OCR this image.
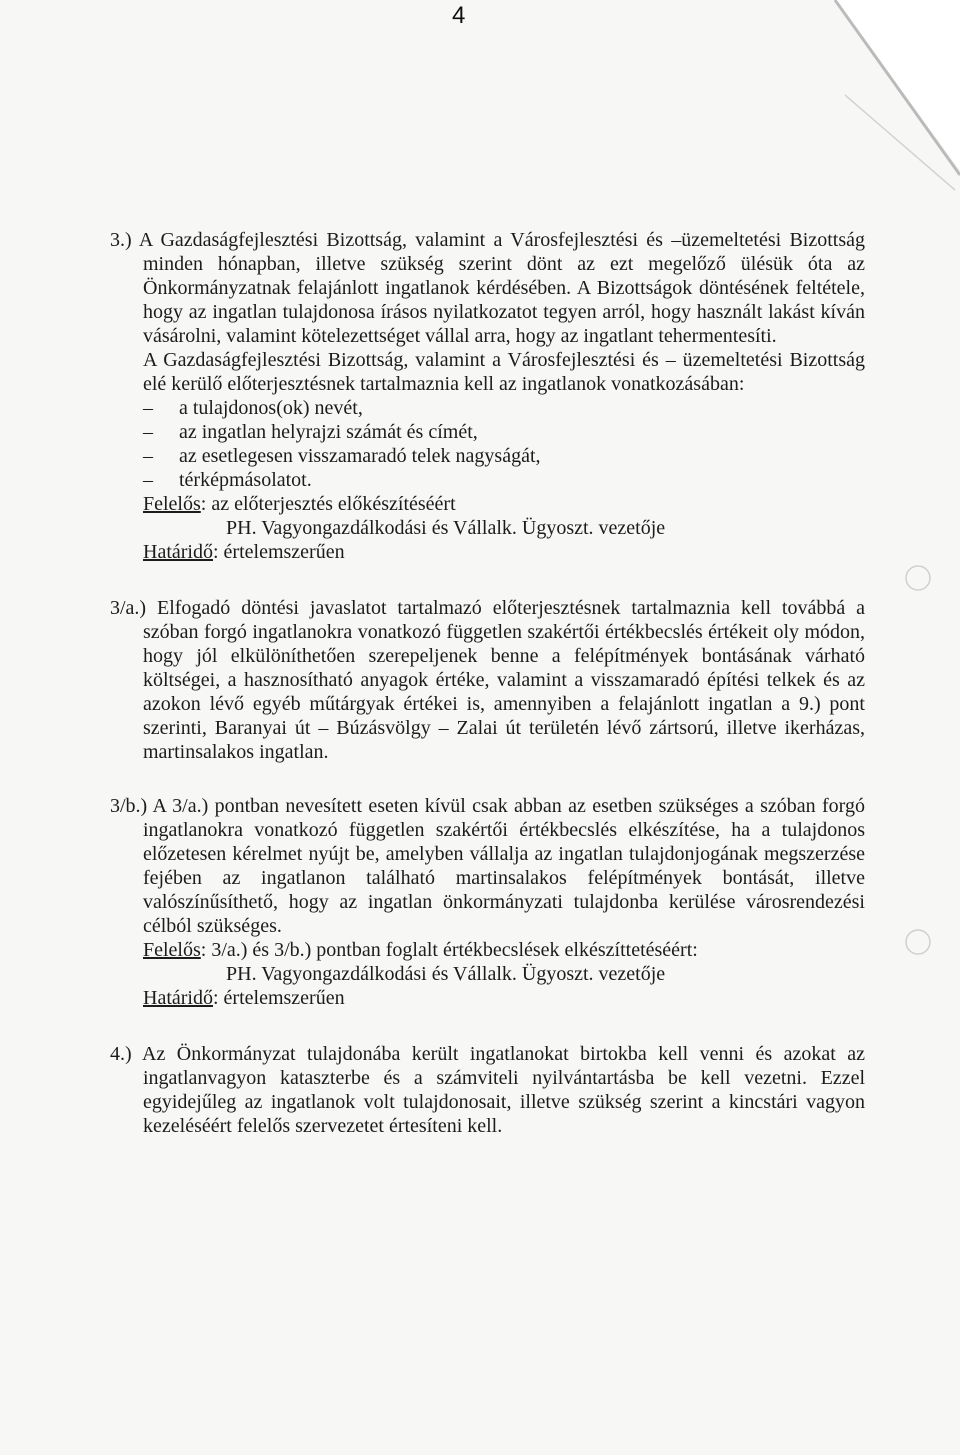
4

3.) A Gazdaságfejlesztési Bizottság, valamint a Városfejlesztési és –üzemeltetési Bizottság minden hónapban, illetve szükség szerint dönt az ezt megelőző ülésük óta az Önkormányzatnak felajánlott ingatlanok kérdésében. A Bizottságok döntésének feltétele, hogy az ingatlan tulajdonosa írásos nyilatkozatot tegyen arról, hogy használt lakást kíván vásárolni, valamint kötelezettséget vállal arra, hogy az ingatlant tehermentesíti.

A Gazdaságfejlesztési Bizottság, valamint a Városfejlesztési és – üzemeltetési Bizottság elé kerülő előterjesztésnek tartalmaznia kell az ingatlanok vonatkozásában:

– a tulajdonos(ok) nevét,
– az ingatlan helyrajzi számát és címét,
– az esetlegesen visszamaradó telek nagyságát,
– térképmásolatot.

Felelős: az előterjesztés előkészítéséért

PH. Vagyongazdálkodási és Vállalk. Ügyoszt. vezetője

Határidő: értelemszerűen

3/a.) Elfogadó döntési javaslatot tartalmazó előterjesztésnek tartalmaznia kell továbbá a szóban forgó ingatlanokra vonatkozó független szakértői értékbecslés értékeit oly módon, hogy jól elkülöníthetően szerepeljenek benne a felépítmények bontásának várható költségei, a hasznosítható anyagok értéke, valamint a visszamaradó építési telkek és az azokon lévő egyéb műtárgyak értékei is, amennyiben a felajánlott ingatlan a 9.) pont szerinti, Baranyai út – Búzásvölgy – Zalai út területén lévő zártsorú, illetve ikerházas, martinsalakos ingatlan.

3/b.) A 3/a.) pontban nevesített eseten kívül csak abban az esetben szükséges a szóban forgó ingatlanokra vonatkozó független szakértői értékbecslés elkészítése, ha a tulajdonos előzetesen kérelmet nyújt be, amelyben vállalja az ingatlan tulajdonjogának megszerzése fejében az ingatlanon található martinsalakos felépítmények bontását, illetve valószínűsíthető, hogy az ingatlan önkormányzati tulajdonba kerülése városrendezési célból szükséges.

Felelős: 3/a.) és 3/b.) pontban foglalt értékbecslések elkészíttetéséért:

PH. Vagyongazdálkodási és Vállalk. Ügyoszt. vezetője

Határidő: értelemszerűen

4.) Az Önkormányzat tulajdonába került ingatlanokat birtokba kell venni és azokat az ingatlanvagyon kataszterbe és a számviteli nyilvántartásba be kell vezetni. Ezzel egyidejűleg az ingatlanok volt tulajdonosait, illetve szükség szerint a kincstári vagyon kezeléséért felelős szervezetet értesíteni kell.
